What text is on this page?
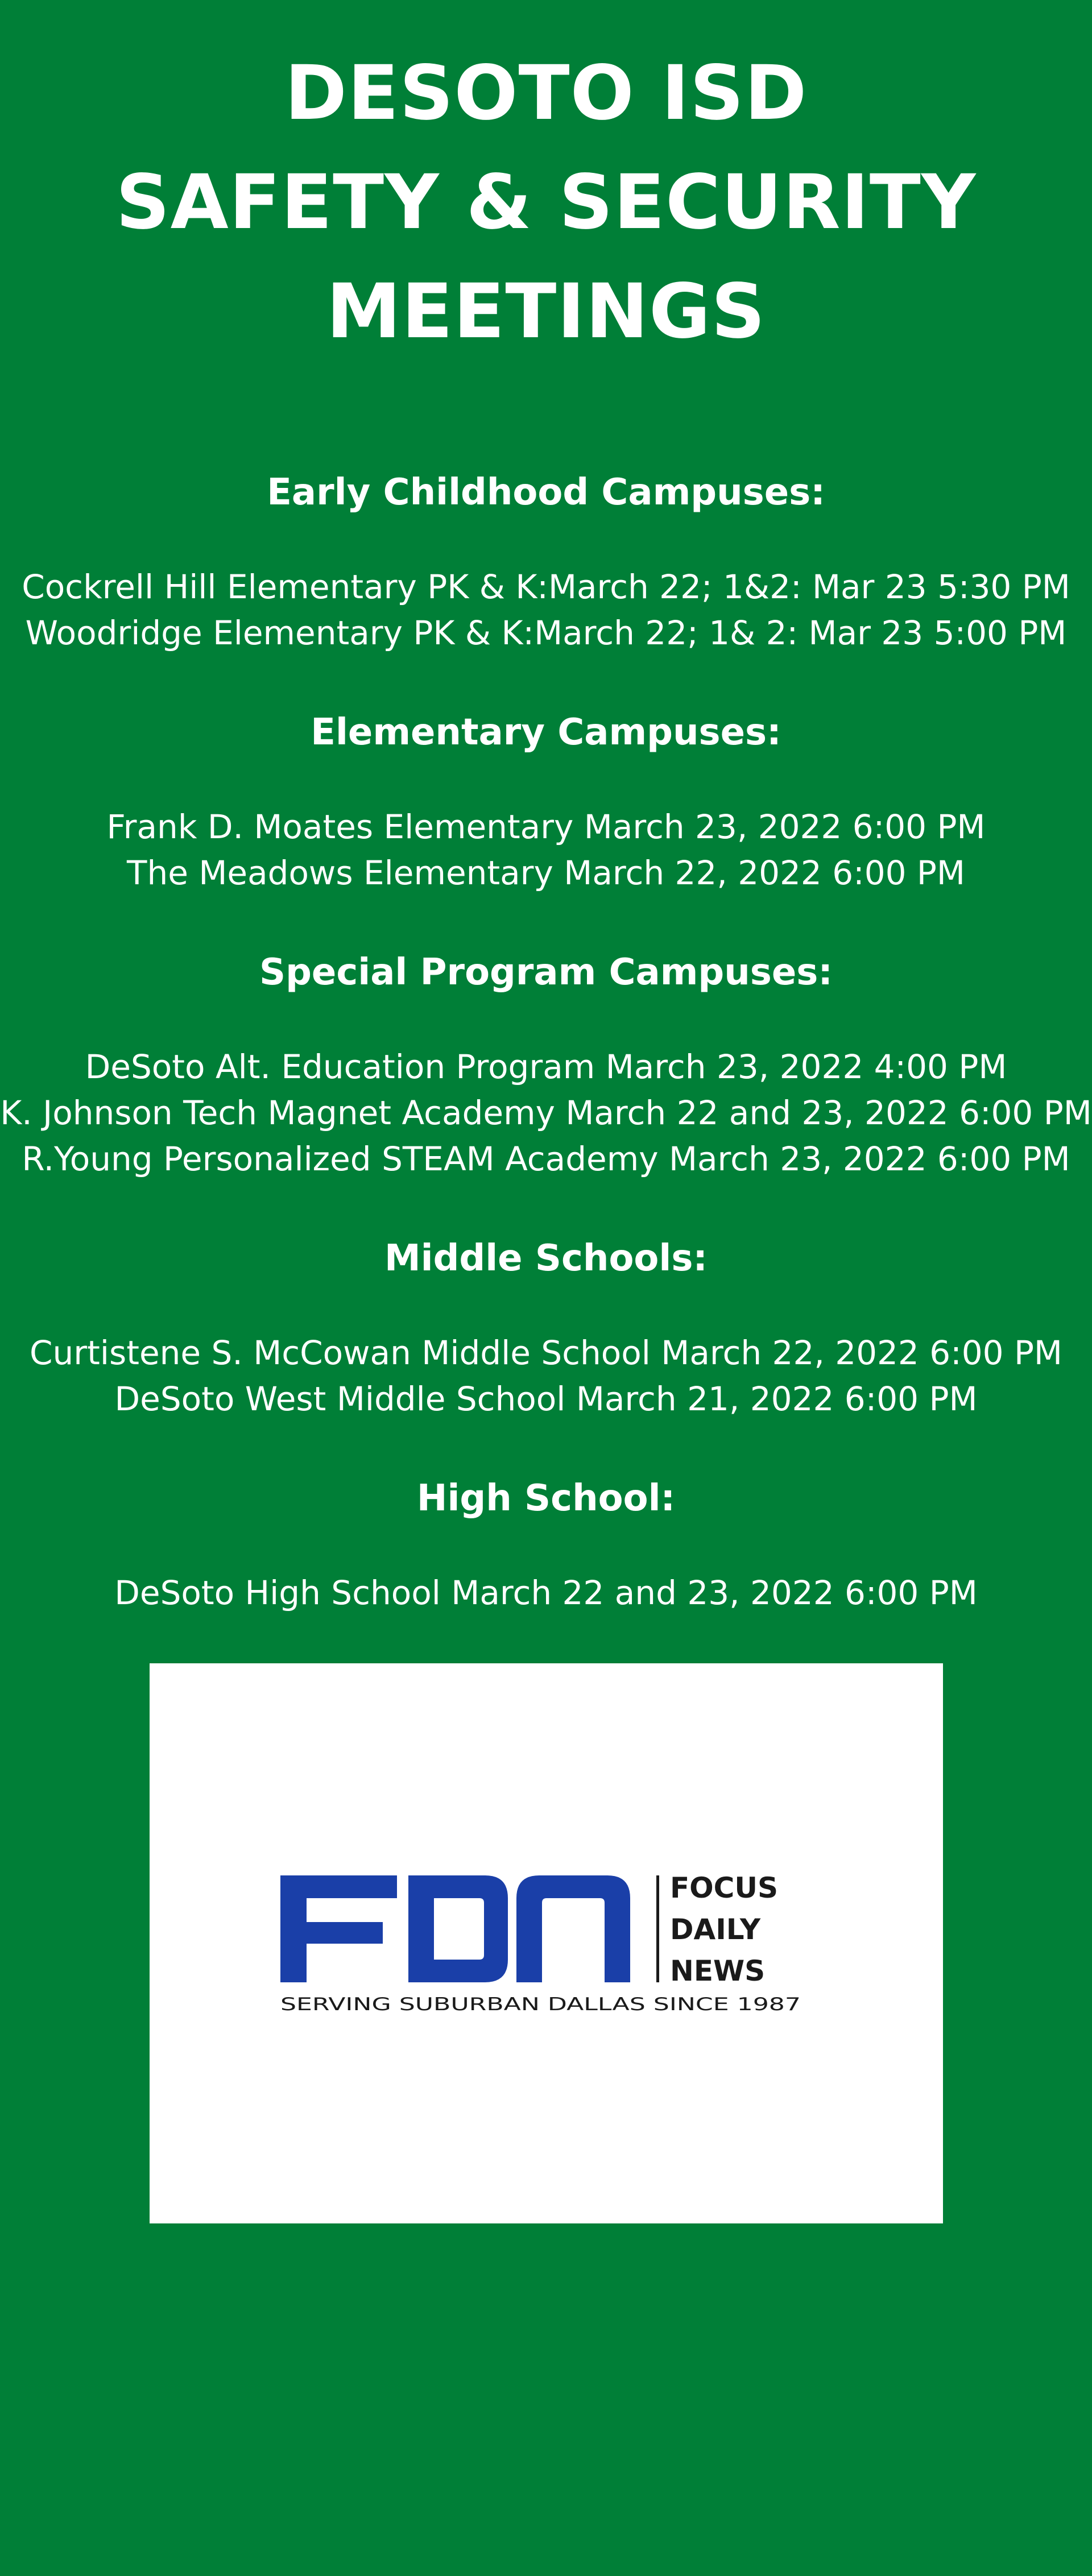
DESOTO ISD
SAFETY & SECURITY
MEETINGS
Early Childhood Campuses:
Cockrell Hill Elementary PK & K:March 22; 1&2: Mar 23 5:30 PM
Woodridge Elementary PK & K:March 22; 1& 2: Mar 23 5:00 PM
Elementary Campuses:
Frank D. Moates Elementary March 23, 2022 6:00 PM
The Meadows Elementary March 22, 2022 6:00 PM
Special Program Campuses:
DeSoto Alt. Education Program March 23, 2022 4:00 PM
K. Johnson Tech Magnet Academy March 22 and 23, 2022 6:00 PM
R.Young Personalized STEAM Academy March 23, 2022 6:00 PM
Middle Schools:
Curtistene S. McCowan Middle School March 22, 2022 6:00 PM
DeSoto West Middle School March 21, 2022 6:00 PM
High School:
DeSoto High School March 22 and 23, 2022 6:00 PM
FOCUS
DAILY
NEWS
SERVING SUBURBAN DALLAS SINCE 1987
